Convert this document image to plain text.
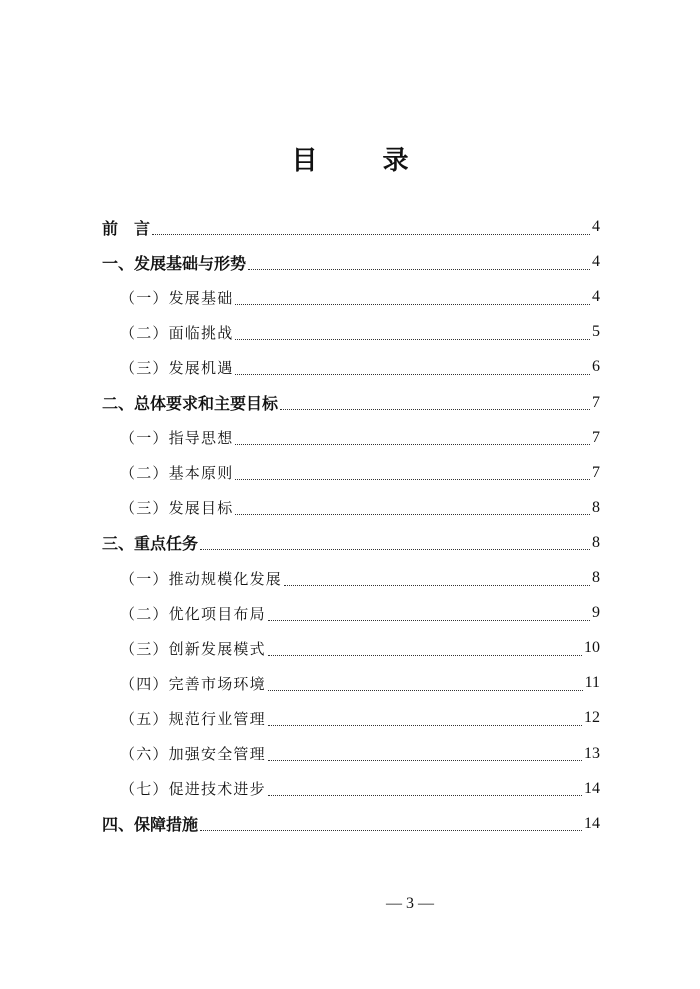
目 录
前　言	4
一、发展基础与形势	4
（一）发展基础	4
（二）面临挑战	5
（三）发展机遇	6
二、总体要求和主要目标	7
（一）指导思想	7
（二）基本原则	7
（三）发展目标	8
三、重点任务	8
（一）推动规模化发展	8
（二）优化项目布局	9
（三）创新发展模式	10
（四）完善市场环境	11
（五）规范行业管理	12
（六）加强安全管理	13
（七）促进技术进步	14
四、保障措施	14
— 3 —
